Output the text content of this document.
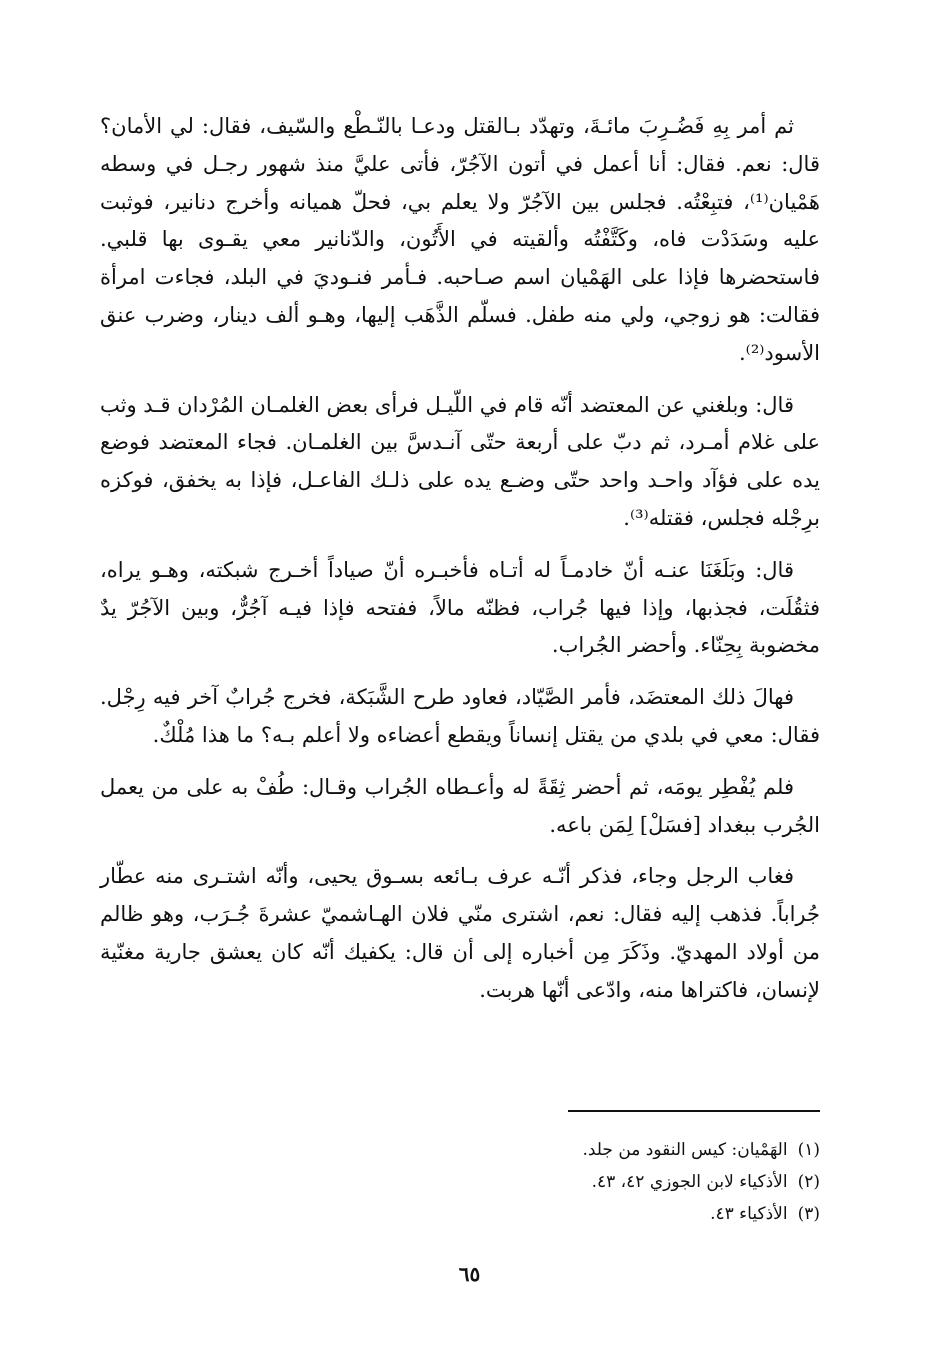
ثم أمر بِهِ فَضُـرِبَ مائـةَ، وتهدّد بـالقتل ودعـا بالنّـطْع والسّيف، فقال: لي الأمان؟ قال: نعم. فقال: أنا أعمل في أتون الآجُرّ، فأتى عليَّ منذ شهور رجـل في وسطه هَمْيان⁽¹⁾، فتبِعْتُه. فجلس بين الآجُرّ ولا يعلم بي، فحلّ همیانه وأخرج دنانير، فوثبت عليه وسَدَدْت فاه، وكَتَّفْتُه وألقيته في الأَتُون، والدّنانير معي يقـوى بها قلبي. فاستحضرها فإذا على الهَمْيان اسم صـاحبه. فـأمر فنـوديَ في البلد، فجاءت امرأة فقالت: هو زوجي، ولي منه طفل. فسلّم الذَّهَب إليها، وهـو ألف دينار، وضرب عنق الأسود⁽²⁾.

قال: وبلغني عن المعتضد أنّه قام في اللّيـل فرأى بعض الغلمـان المُرْدان قـد وثب على غلام أمـرد، ثم دبّ على أربعة حتّى آنـدسَّ بين الغلمـان. فجاء المعتضد فوضع يده على فؤآد واحـد واحد حتّى وضـع يده على ذلـك الفاعـل، فإذا به يخفق، فوكزه برِجْله فجلس، فقتله⁽³⁾.

قال: وبَلَغَنَا عنـه أنّ خادمـاً له أتـاه فأخبـره أنّ صياداً أخـرج شبكته، وهـو يراه، فثقُلَت، فجذبها، وإذا فيها جُراب، فظنّه مالاً، ففتحه فإذا فيـه آجُرٌّ، وبين الآجُرّ يدٌ مخضوبة بِحِنّاء. وأحضر الجُراب.

فهالَ ذلك المعتضَد، فأمر الصَّيّاد، فعاود طرح الشَّبَكة، فخرج جُرابٌ آخر فيه رِجْل. فقال: معي في بلدي من يقتل إنساناً ويقطع أعضاءه ولا أعلم بـه؟ ما هذا مُلْكٌ.

فلم يُفْطِر يومَه، ثم أحضر ثِقَةً له وأعـطاه الجُراب وقـال: طُفْ به على من يعمل الجُرب ببغداد [فسَلْ] لِمَن باعه.

فغاب الرجل وجاء، فذكر أنّـه عرف بـائعه بسـوق يحيى، وأنّه اشتـرى منه عطّار جُراباً. فذهب إليه فقال: نعم، اشترى منّي فلان الهـاشميّ عشرةَ جُـرَب، وهو ظالم من أولاد المهديّ. وذَكَرَ مِن أخباره إلى أن قال: يكفيك أنّه كان يعشق جارية مغنّية لإنسان، فاكتراها منه، وادّعى أنّها هربت.

(١)الهَمْيان: كيس النقود من جلد.

(٢)الأذكياء لابن الجوزي ٤٢، ٤٣.

(٣)الأذكياء ٤٣.

٦٥
